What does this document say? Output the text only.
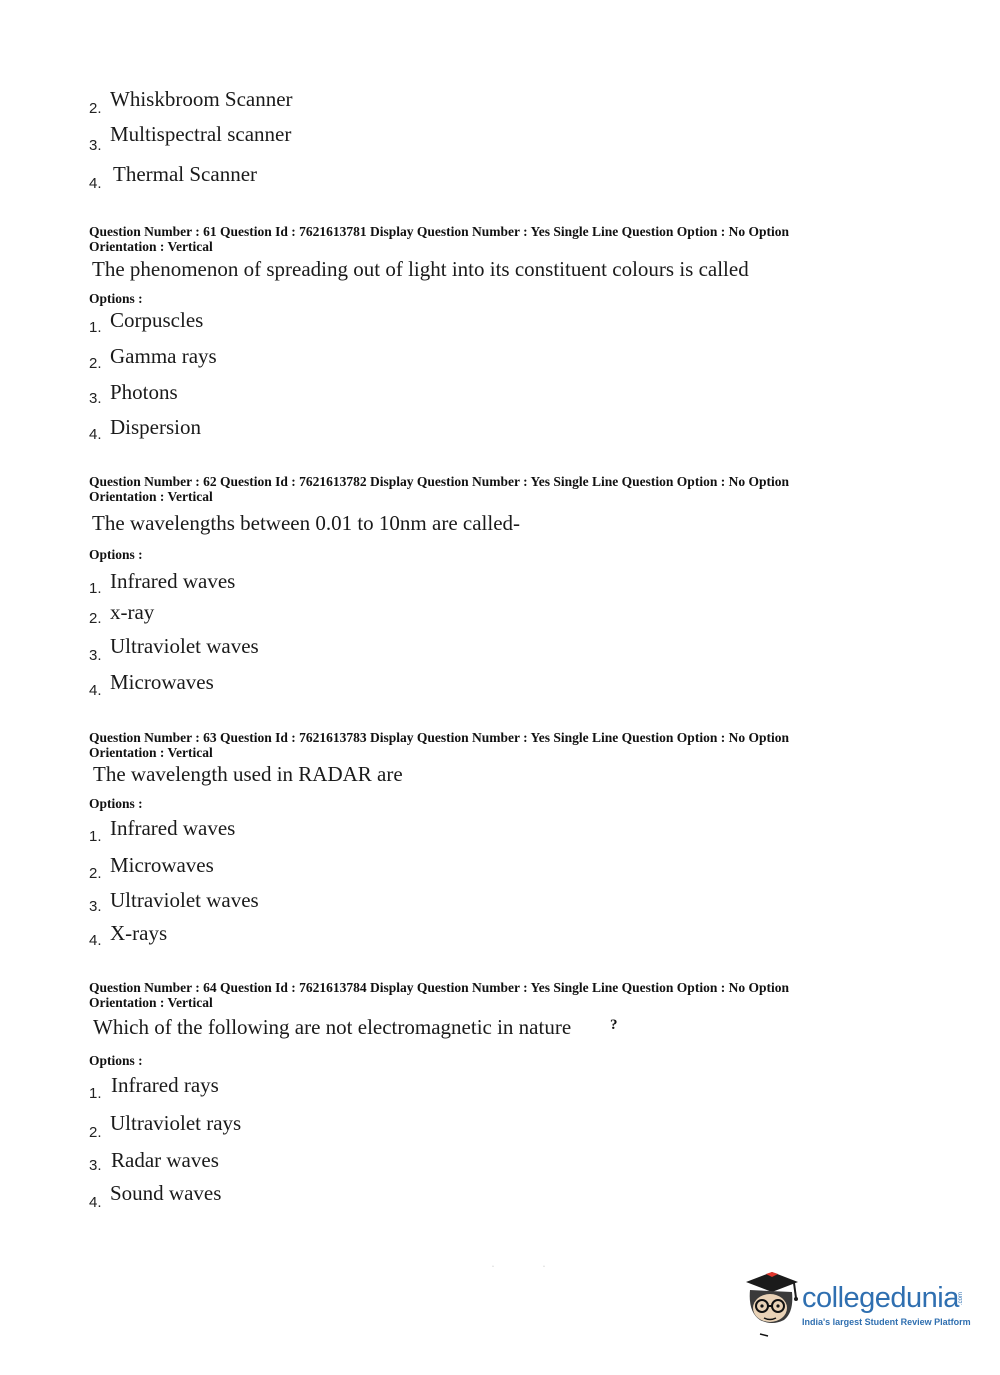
2. Whiskbroom Scanner
3. Multispectral scanner
4. Thermal Scanner
Question Number : 61 Question Id : 7621613781 Display Question Number : Yes Single Line Question Option : No Option
Orientation : Vertical
The phenomenon of spreading out of light into its constituent colours is called
Options :
1. Corpuscles
2. Gamma rays
3. Photons
4. Dispersion
Question Number : 62 Question Id : 7621613782 Display Question Number : Yes Single Line Question Option : No Option
Orientation : Vertical
The wavelengths between 0.01 to 10nm are called-
Options :
1. Infrared waves
2. x-ray
3. Ultraviolet waves
4. Microwaves
Question Number : 63 Question Id : 7621613783 Display Question Number : Yes Single Line Question Option : No Option
Orientation : Vertical
The wavelength used in RADAR are
Options :
1. Infrared waves
2. Microwaves
3. Ultraviolet waves
4. X-rays
Question Number : 64 Question Id : 7621613784 Display Question Number : Yes Single Line Question Option : No Option
Orientation : Vertical
Which of the following are not electromagnetic in nature	?
Options :
1. Infrared rays
2. Ultraviolet rays
3. Radar waves
4. Sound waves
·	·
collegedunia .com
India's largest Student Review Platform
